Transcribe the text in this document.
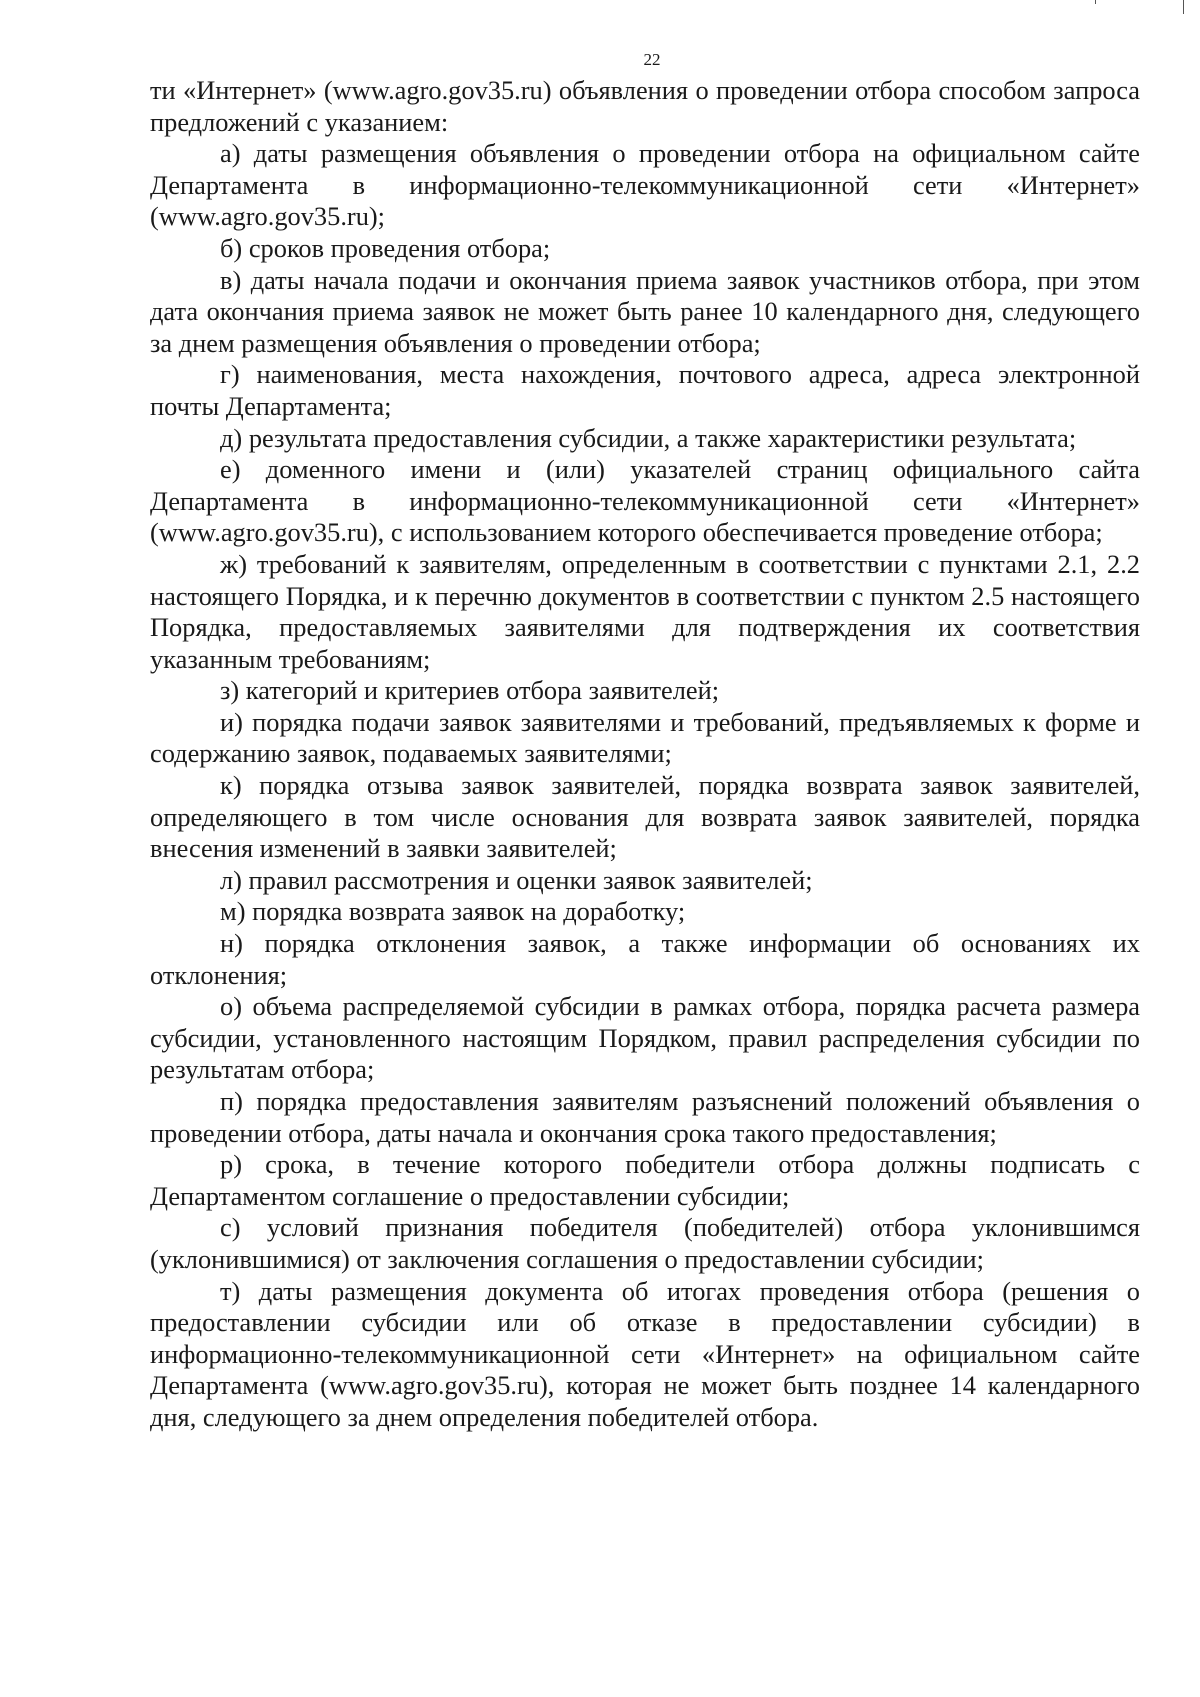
22

ти «Интернет» (www.agro.gov35.ru) объявления о проведении отбора способом запроса предложений с указанием:

а) даты размещения объявления о проведении отбора на официальном сайте Департамента в информационно-телекоммуникационной сети «Интернет» (www.agro.gov35.ru);

б) сроков проведения отбора;

в) даты начала подачи и окончания приема заявок участников отбора, при этом дата окончания приема заявок не может быть ранее 10 календарного дня, следующего за днем размещения объявления о проведении отбора;

г) наименования, места нахождения, почтового адреса, адреса электронной почты Департамента;

д) результата предоставления субсидии, а также характеристики результата;

е) доменного имени и (или) указателей страниц официального сайта Департамента в информационно-телекоммуникационной сети «Интернет» (www.agro.gov35.ru), с использованием которого обеспечивается проведение отбора;

ж) требований к заявителям, определенным в соответствии с пунктами 2.1, 2.2 настоящего Порядка, и к перечню документов в соответствии с пунктом 2.5 настоящего Порядка, предоставляемых заявителями для подтверждения их соответствия указанным требованиям;

з) категорий и критериев отбора заявителей;

и) порядка подачи заявок заявителями и требований, предъявляемых к форме и содержанию заявок, подаваемых заявителями;

к) порядка отзыва заявок заявителей, порядка возврата заявок заявителей, определяющего в том числе основания для возврата заявок заявителей, порядка внесения изменений в заявки заявителей;

л) правил рассмотрения и оценки заявок заявителей;

м) порядка возврата заявок на доработку;

н) порядка отклонения заявок, а также информации об основаниях их отклонения;

о) объема распределяемой субсидии в рамках отбора, порядка расчета размера субсидии, установленного настоящим Порядком, правил распределения субсидии по результатам отбора;

п) порядка предоставления заявителям разъяснений положений объявления о проведении отбора, даты начала и окончания срока такого предоставления;

р) срока, в течение которого победители отбора должны подписать с Департаментом соглашение о предоставлении субсидии;

с) условий признания победителя (победителей) отбора уклонившимся (уклонившимися) от заключения соглашения о предоставлении субсидии;

т) даты размещения документа об итогах проведения отбора (решения о предоставлении субсидии или об отказе в предоставлении субсидии) в информационно-телекоммуникационной сети «Интернет» на официальном сайте Департамента (www.agro.gov35.ru), которая не может быть позднее 14 календарного дня, следующего за днем определения победителей отбора.
